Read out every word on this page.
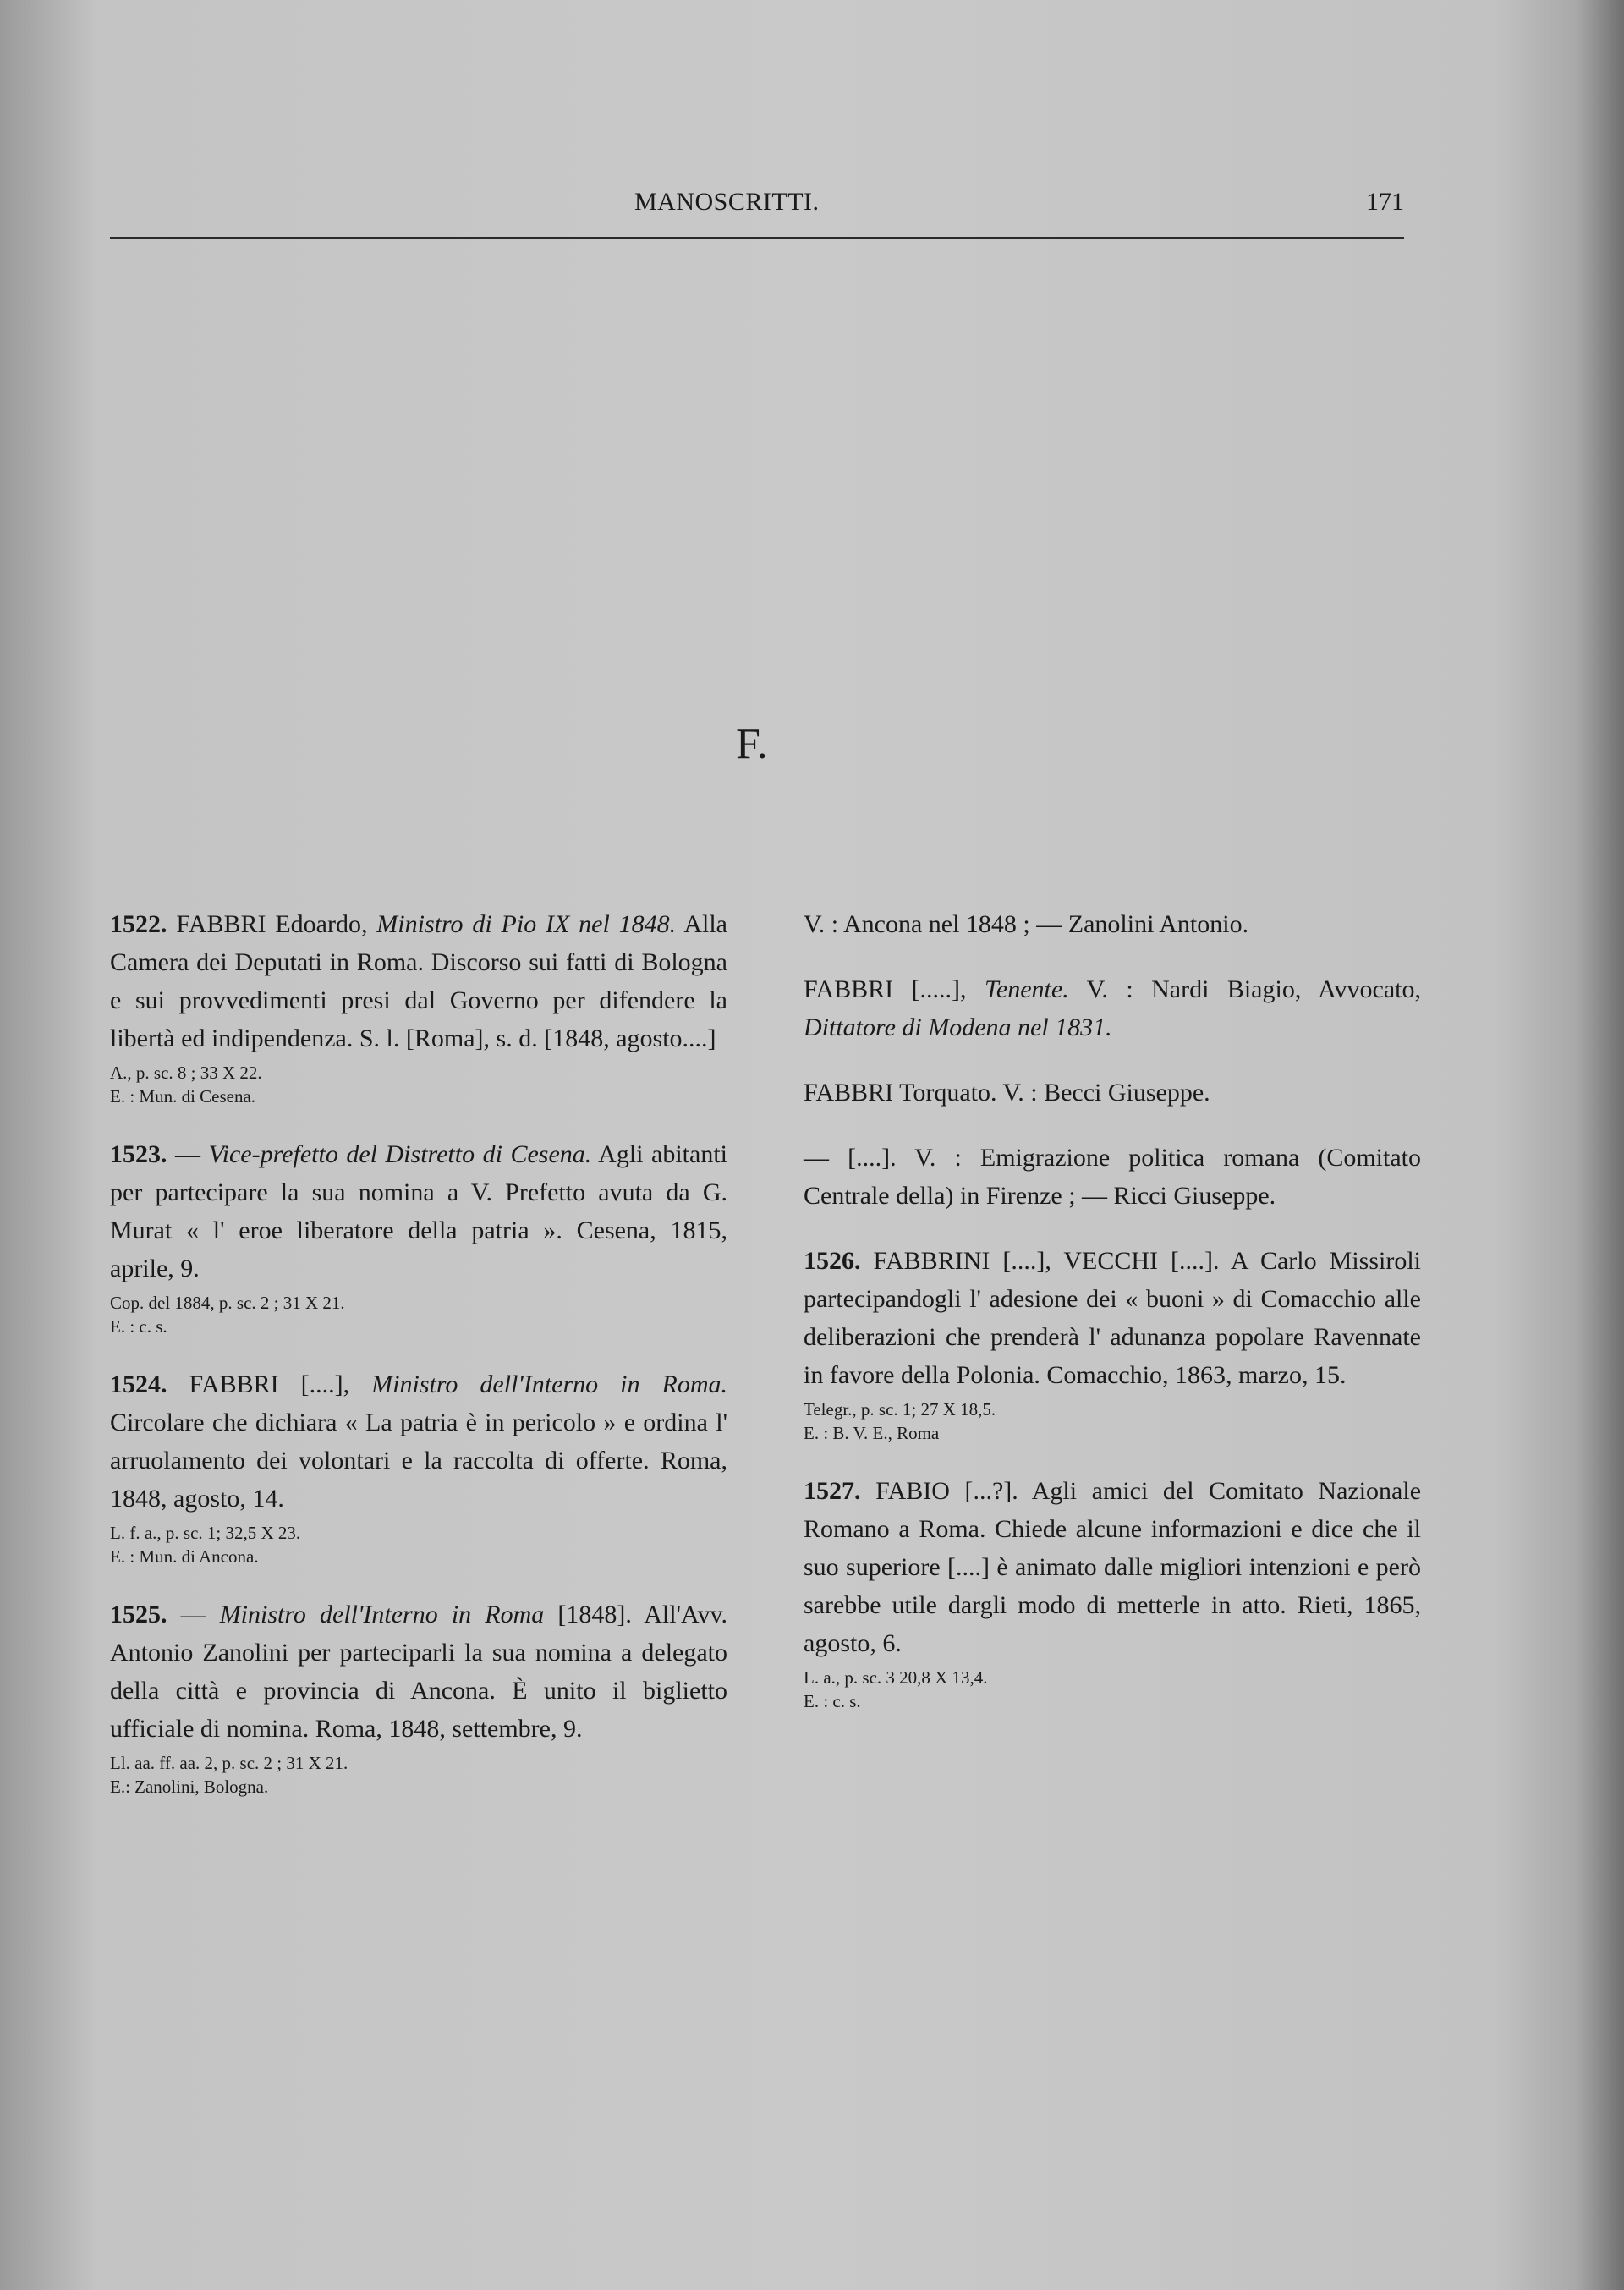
MANOSCRITTI.	171
F.
1522. FABBRI Edoardo, Ministro di Pio IX nel 1848. Alla Camera dei Deputati in Roma. Discorso sui fatti di Bologna e sui provvedimenti presi dal Governo per difendere la libertà ed indipendenza. S. l. [Roma], s. d. [1848, agosto....]
A., p. sc. 8 ; 33 X 22.
E. : Mun. di Cesena.
1523. — Vice-prefetto del Distretto di Cesena. Agli abitanti per partecipare la sua nomina a V. Prefetto avuta da G. Murat « l' eroe liberatore della patria ». Cesena, 1815, aprile, 9.
Cop. del 1884, p. sc. 2 ; 31 X 21.
E. : c. s.
1524. FABBRI [....], Ministro dell'Interno in Roma. Circolare che dichiara « La patria è in pericolo » e ordina l' arruolamento dei volontari e la raccolta di offerte. Roma, 1848, agosto, 14.
L. f. a., p. sc. 1; 32,5 X 23.
E. : Mun. di Ancona.
1525. — Ministro dell'Interno in Roma [1848]. All'Avv. Antonio Zanolini per parteciparli la sua nomina a delegato della città e provincia di Ancona. È unito il biglietto ufficiale di nomina. Roma, 1848, settembre, 9.
Ll. aa. ff. aa. 2, p. sc. 2 ; 31 X 21.
E.: Zanolini, Bologna.
V. : Ancona nel 1848 ; — Zanolini Antonio.
FABBRI [.....], Tenente. V. : Nardi Biagio, Avvocato, Dittatore di Modena nel 1831.
FABBRI Torquato. V. : Becci Giuseppe.
— [....]. V. : Emigrazione politica romana (Comitato Centrale della) in Firenze ; — Ricci Giuseppe.
1526. FABBRINI [....], VECCHI [....]. A Carlo Missiroli partecipandogli l' adesione dei « buoni » di Comacchio alle deliberazioni che prenderà l' adunanza popolare Ravennate in favore della Polonia. Comacchio, 1863, marzo, 15.
Telegr., p. sc. 1; 27 X 18,5.
E. : B. V. E., Roma
1527. FABIO [...?]. Agli amici del Comitato Nazionale Romano a Roma. Chiede alcune informazioni e dice che il suo superiore [....] è animato dalle migliori intenzioni e però sarebbe utile dargli modo di metterle in atto. Rieti, 1865, agosto, 6.
L. a., p. sc. 3 20,8 X 13,4.
E. : c. s.
